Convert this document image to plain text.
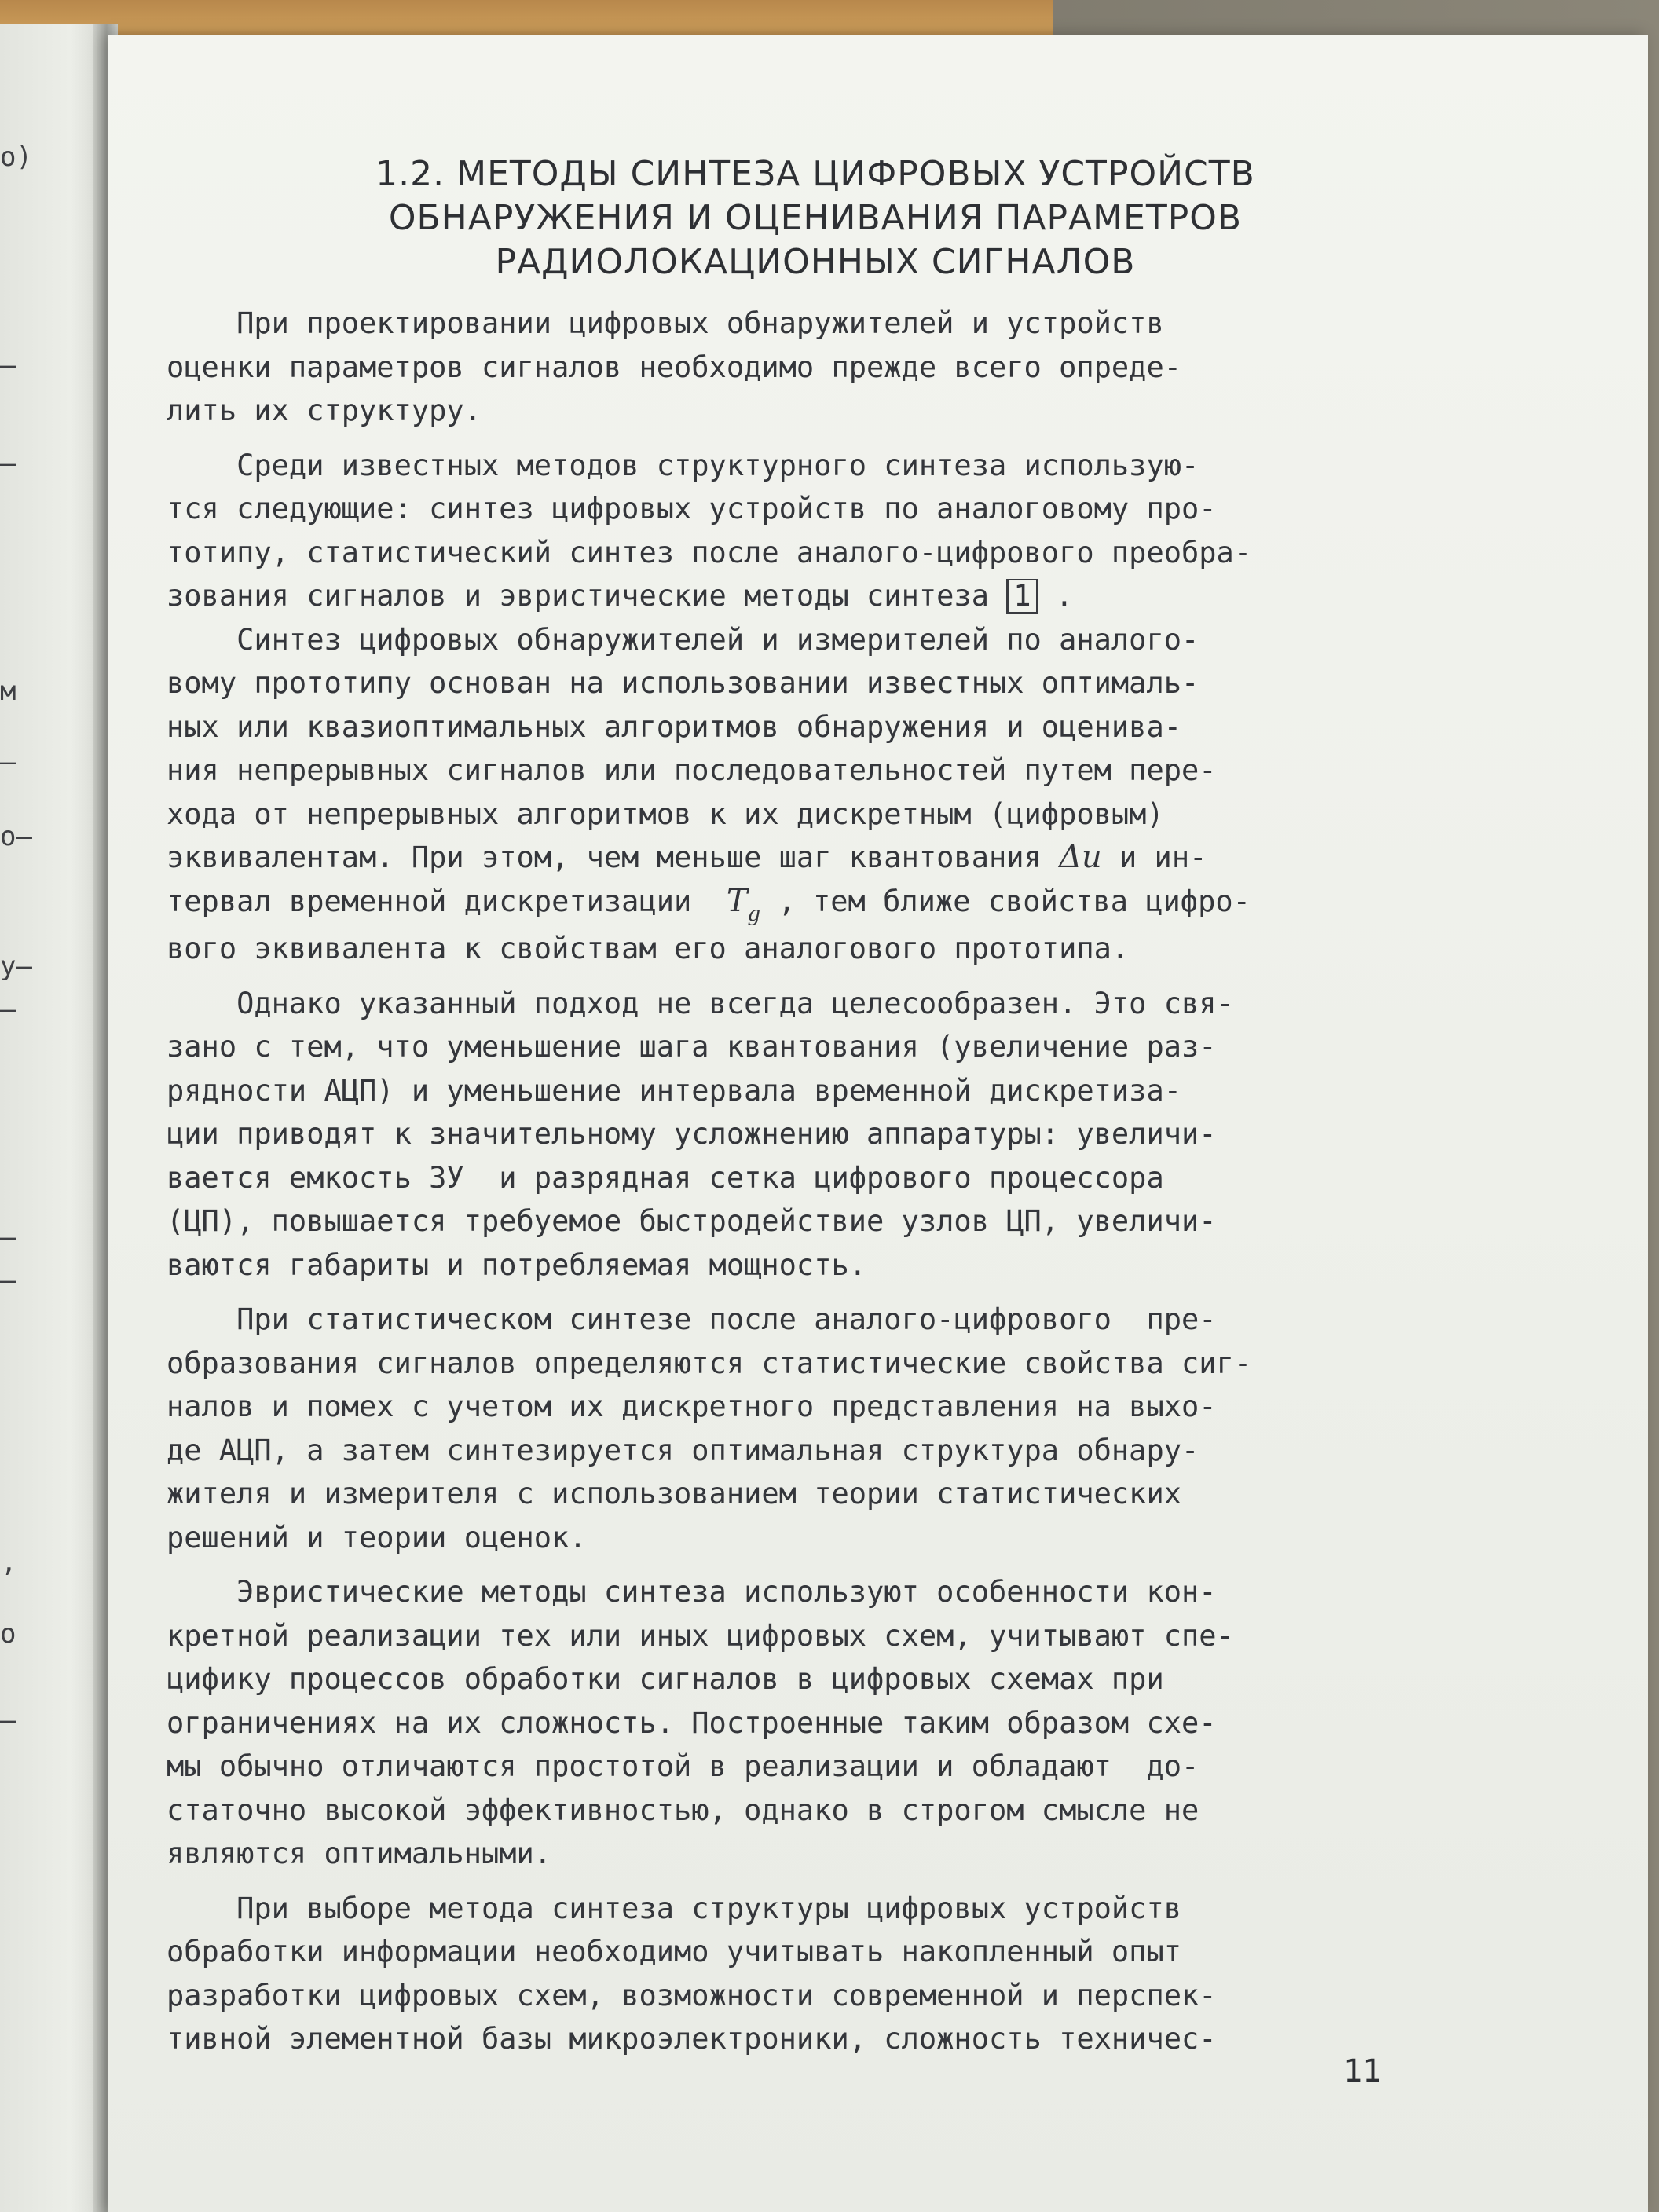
о)
—
—
м
—
о—
у—
—
—
—
ʼ
о
—
1.2. МЕТОДЫ СИНТЕЗА ЦИФРОВЫХ УСТРОЙСТВ
ОБНАРУЖЕНИЯ И ОЦЕНИВАНИЯ ПАРАМЕТРОВ
РАДИОЛОКАЦИОННЫХ СИГНАЛОВ

При проектировании цифровых обнаружителей и устройств
оценки параметров сигналов необходимо прежде всего опреде-
лить их структуру.

Среди известных методов структурного синтеза использую-
тся следующие: синтез цифровых устройств по аналоговому про-
тотипу, статистический синтез после аналого-цифрового преобра-
зования сигналов и эвристические методы синтеза 1 .

Синтез цифровых обнаружителей и измерителей по аналого-
вому прототипу основан на использовании известных оптималь-
ных или квазиоптимальных алгоритмов обнаружения и оценива-
ния непрерывных сигналов или последовательностей путем пере-
хода от непрерывных алгоритмов к их дискретным (цифровым)
эквивалентам. При этом, чем меньше шаг квантования Δu и ин-
тервал временной дискретизации  $T_g$ , тем ближе свойства цифро-
вого эквивалента к свойствам его аналогового прототипа.

Однако указанный подход не всегда целесообразен. Это свя-
зано с тем, что уменьшение шага квантования (увеличение раз-
рядности АЦП) и уменьшение интервала временной дискретиза-
ции приводят к значительному усложнению аппаратуры: увеличи-
вается емкость ЗУ  и разрядная сетка цифрового процессора
(ЦП), повышается требуемое быстродействие узлов ЦП, увеличи-
ваются габариты и потребляемая мощность.

При статистическом синтезе после аналого-цифрового  пре-
образования сигналов определяются статистические свойства сиг-
налов и помех с учетом их дискретного представления на выхо-
де АЦП, а затем синтезируется оптимальная структура обнару-
жителя и измерителя с использованием теории статистических
решений и теории оценок.

Эвристические методы синтеза используют особенности кон-
кретной реализации тех или иных цифровых схем, учитывают спе-
цифику процессов обработки сигналов в цифровых схемах при
ограничениях на их сложность. Построенные таким образом схе-
мы обычно отличаются простотой в реализации и обладают  до-
статочно высокой эффективностью, однако в строгом смысле не
являются оптимальными.

При выборе метода синтеза структуры цифровых устройств
обработки информации необходимо учитывать накопленный опыт
разработки цифровых схем, возможности современной и перспек-
тивной элементной базы микроэлектроники, сложность техничес-

11
